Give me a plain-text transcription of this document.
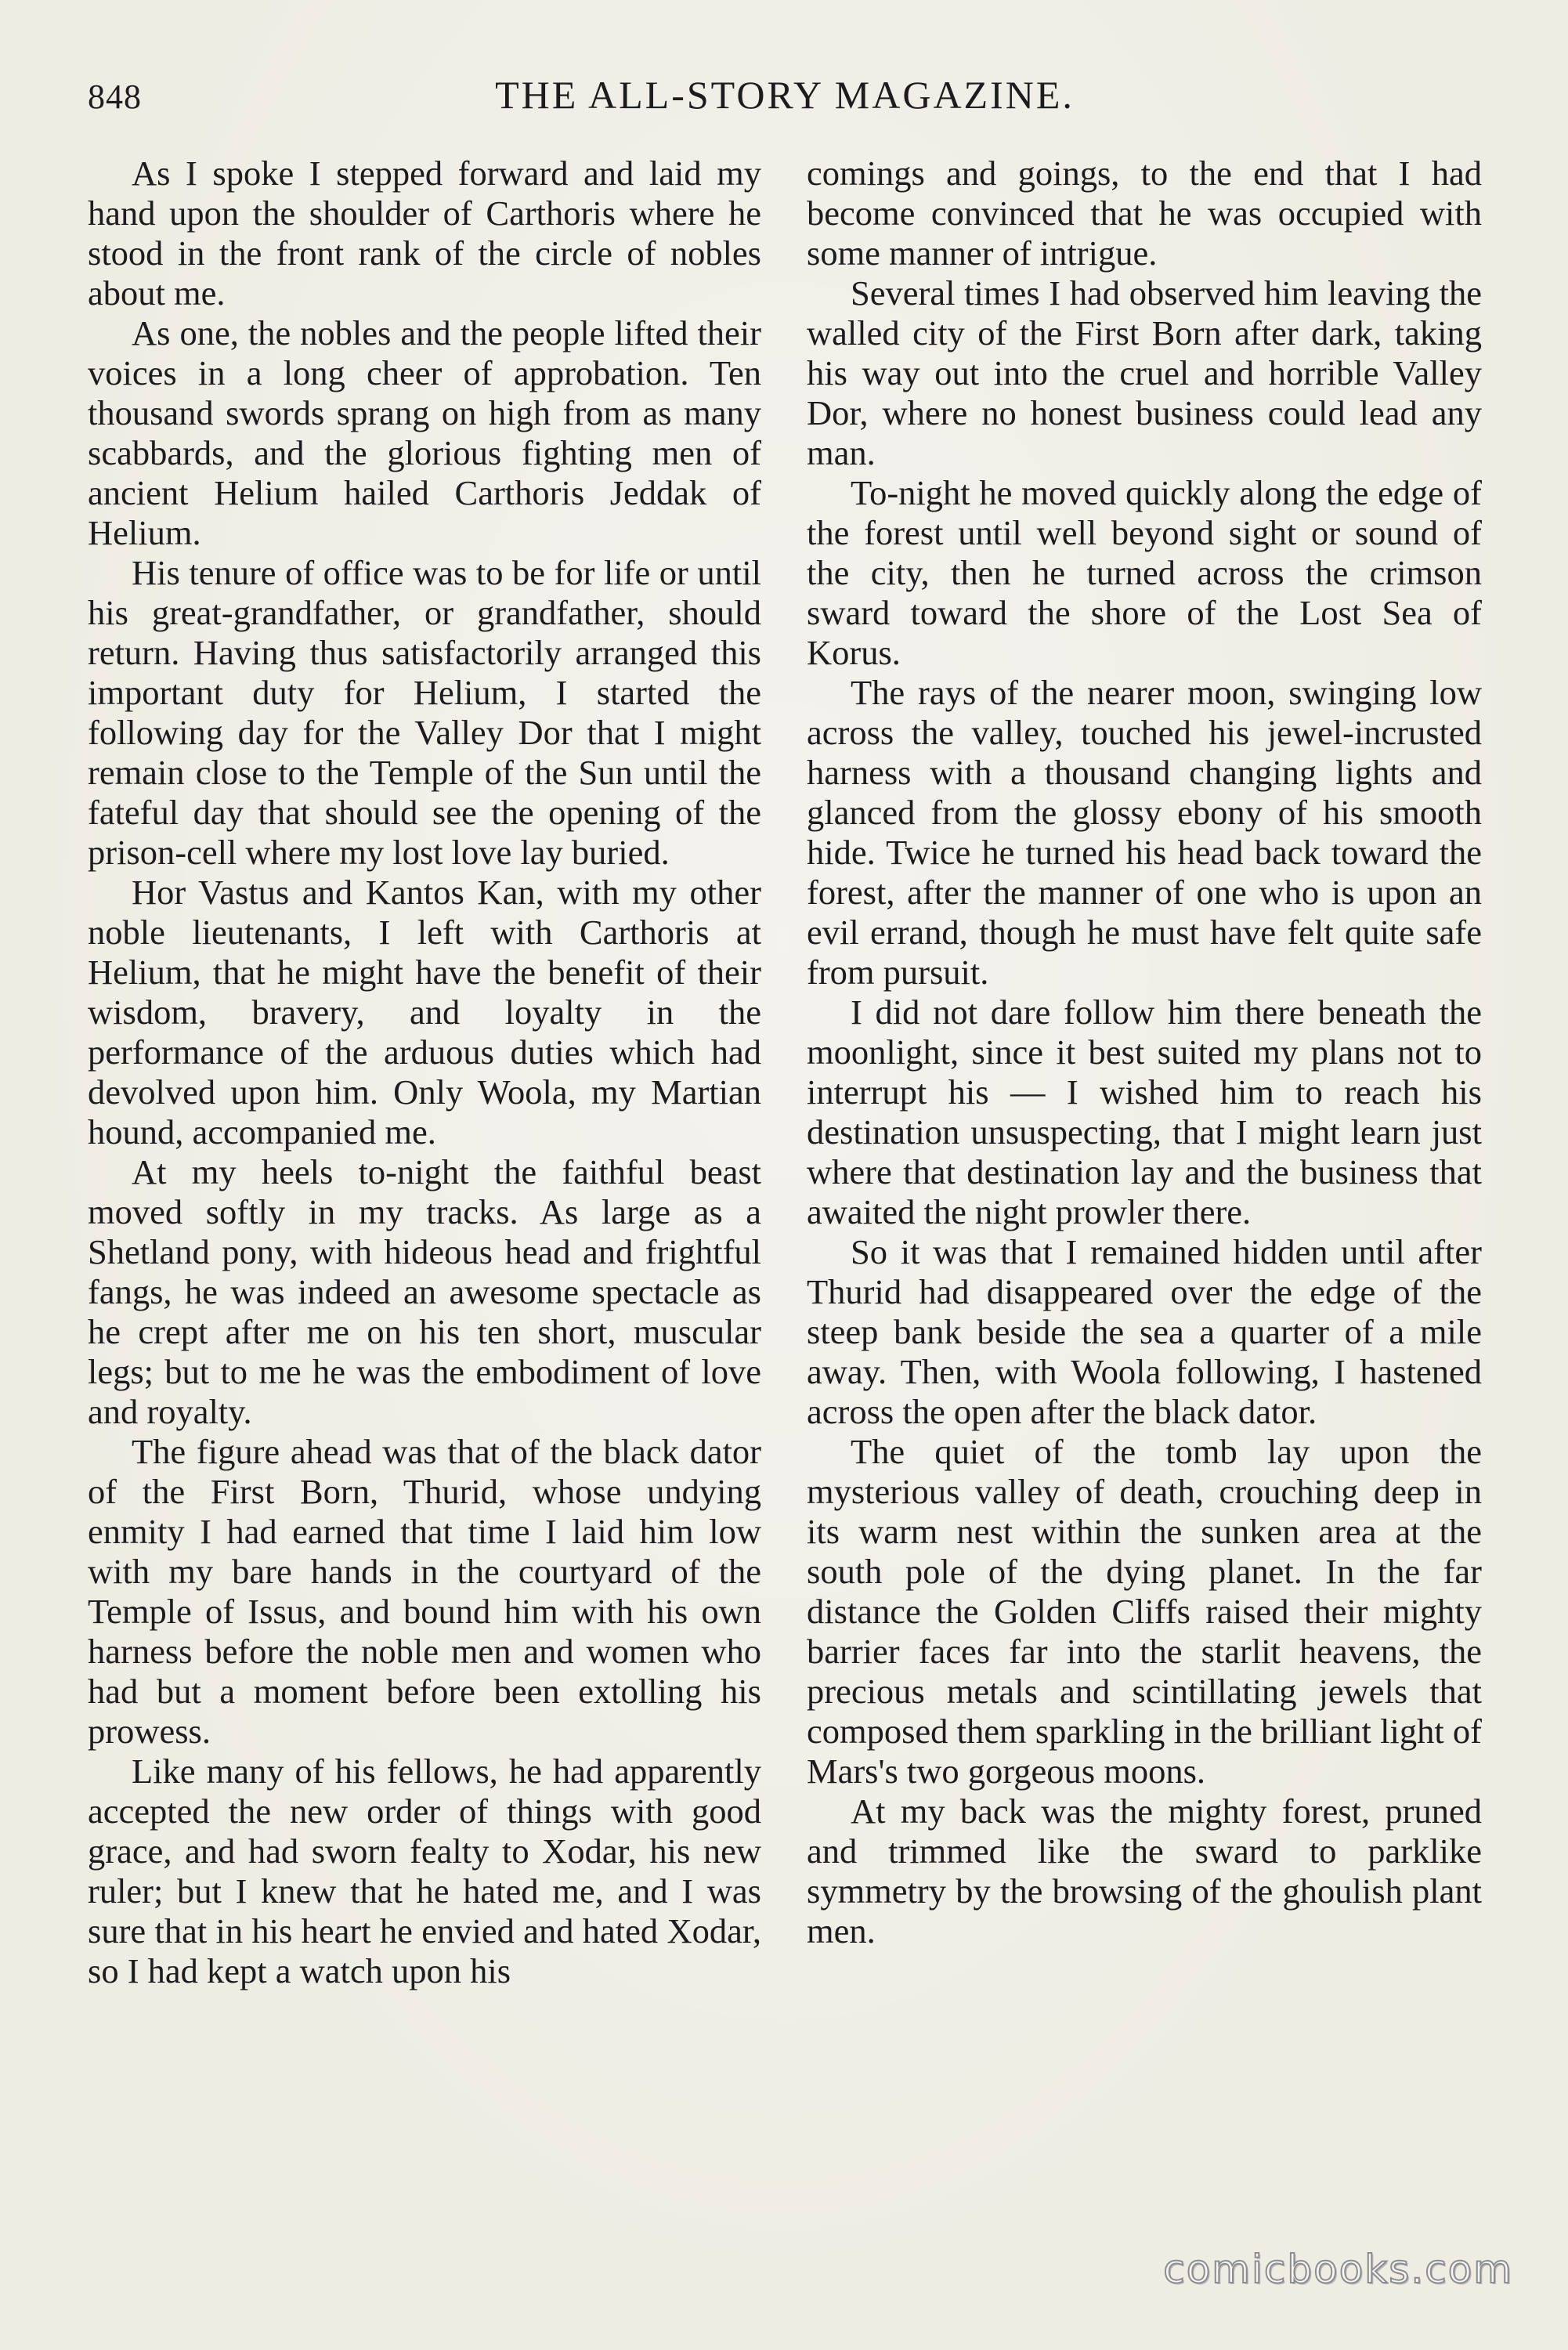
848	THE ALL-STORY MAGAZINE.

As I spoke I stepped forward and laid my hand upon the shoulder of Carthoris where he stood in the front rank of the circle of nobles about me.

As one, the nobles and the people lifted their voices in a long cheer of approbation. Ten thousand swords sprang on high from as many scabbards, and the glorious fighting men of ancient Helium hailed Carthoris Jeddak of Helium.

His tenure of office was to be for life or until his great-grandfather, or grandfather, should return. Having thus satisfactorily arranged this important duty for Helium, I started the following day for the Valley Dor that I might remain close to the Temple of the Sun until the fateful day that should see the opening of the prison-cell where my lost love lay buried.

Hor Vastus and Kantos Kan, with my other noble lieutenants, I left with Carthoris at Helium, that he might have the benefit of their wisdom, bravery, and loyalty in the performance of the arduous duties which had devolved upon him. Only Woola, my Martian hound, accompanied me.

At my heels to-night the faithful beast moved softly in my tracks. As large as a Shetland pony, with hideous head and frightful fangs, he was indeed an awesome spectacle as he crept after me on his ten short, muscular legs; but to me he was the embodiment of love and royalty.

The figure ahead was that of the black dator of the First Born, Thurid, whose undying enmity I had earned that time I laid him low with my bare hands in the courtyard of the Temple of Issus, and bound him with his own harness before the noble men and women who had but a moment before been extolling his prowess.

Like many of his fellows, he had apparently accepted the new order of things with good grace, and had sworn fealty to Xodar, his new ruler; but I knew that he hated me, and I was sure that in his heart he envied and hated Xodar, so I had kept a watch upon his

comings and goings, to the end that I had become convinced that he was occupied with some manner of intrigue.

Several times I had observed him leaving the walled city of the First Born after dark, taking his way out into the cruel and horrible Valley Dor, where no honest business could lead any man.

To-night he moved quickly along the edge of the forest until well beyond sight or sound of the city, then he turned across the crimson sward toward the shore of the Lost Sea of Korus.

The rays of the nearer moon, swinging low across the valley, touched his jewel-incrusted harness with a thousand changing lights and glanced from the glossy ebony of his smooth hide. Twice he turned his head back toward the forest, after the manner of one who is upon an evil errand, though he must have felt quite safe from pursuit.

I did not dare follow him there beneath the moonlight, since it best suited my plans not to interrupt his — I wished him to reach his destination unsuspecting, that I might learn just where that destination lay and the business that awaited the night prowler there.

So it was that I remained hidden until after Thurid had disappeared over the edge of the steep bank beside the sea a quarter of a mile away. Then, with Woola following, I hastened across the open after the black dator.

The quiet of the tomb lay upon the mysterious valley of death, crouching deep in its warm nest within the sunken area at the south pole of the dying planet. In the far distance the Golden Cliffs raised their mighty barrier faces far into the starlit heavens, the precious metals and scintillating jewels that composed them sparkling in the brilliant light of Mars's two gorgeous moons.

At my back was the mighty forest, pruned and trimmed like the sward to parklike symmetry by the browsing of the ghoulish plant men.

comicbooks.com
